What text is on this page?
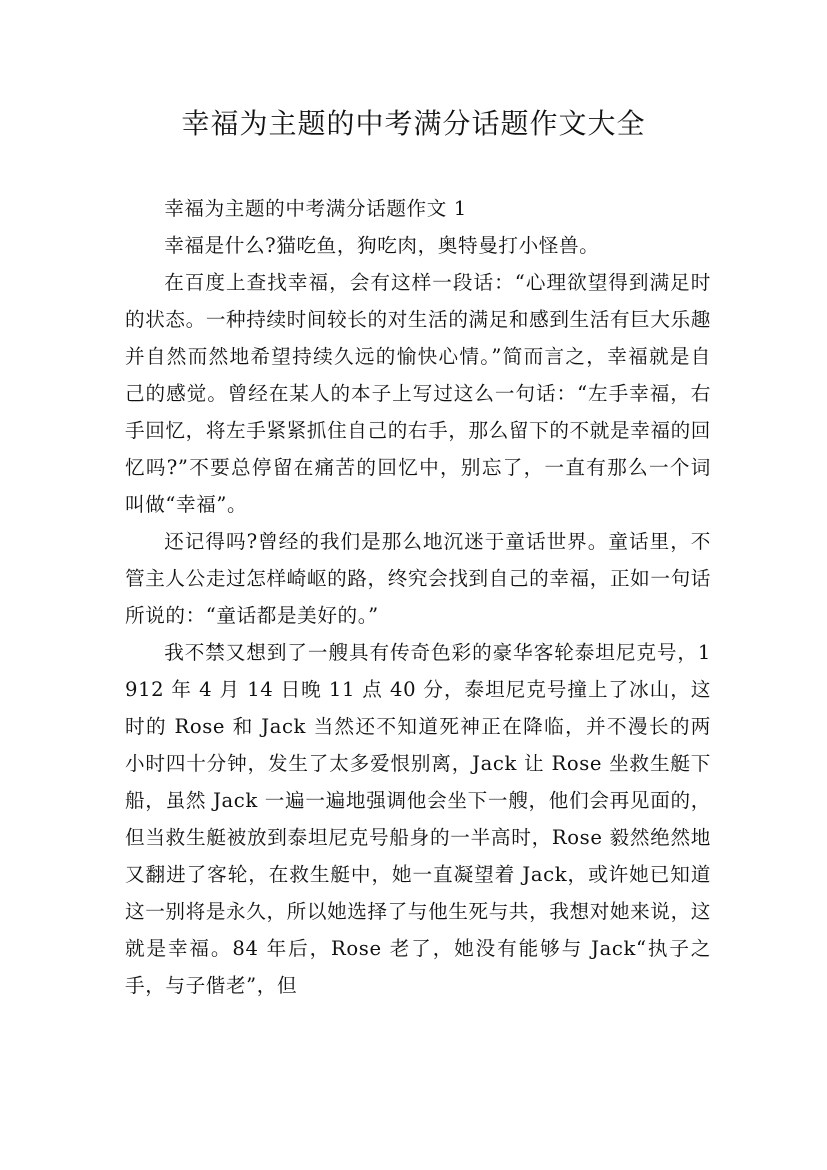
幸福为主题的中考满分话题作文大全

幸福为主题的中考满分话题作文 1

幸福是什么?猫吃鱼，狗吃肉，奥特曼打小怪兽。

在百度上查找幸福，会有这样一段话：“心理欲望得到满足时的状态。一种持续时间较长的对生活的满足和感到生活有巨大乐趣并自然而然地希望持续久远的愉快心情。”简而言之，幸福就是自己的感觉。曾经在某人的本子上写过这么一句话：“左手幸福，右手回忆，将左手紧紧抓住自己的右手，那么留下的不就是幸福的回忆吗?”不要总停留在痛苦的回忆中，别忘了，一直有那么一个词叫做“幸福”。

还记得吗?曾经的我们是那么地沉迷于童话世界。童话里，不管主人公走过怎样崎岖的路，终究会找到自己的幸福，正如一句话所说的：“童话都是美好的。”

我不禁又想到了一艘具有传奇色彩的豪华客轮泰坦尼克号，1912 年 4 月 14 日晚 11 点 40 分，泰坦尼克号撞上了冰山，这时的 Rose 和 Jack 当然还不知道死神正在降临，并不漫长的两小时四十分钟，发生了太多爱恨别离，Jack 让 Rose 坐救生艇下船，虽然 Jack 一遍一遍地强调他会坐下一艘，他们会再见面的，但当救生艇被放到泰坦尼克号船身的一半高时，Rose 毅然绝然地又翻进了客轮，在救生艇中，她一直凝望着 Jack，或许她已知道这一别将是永久，所以她选择了与他生死与共，我想对她来说，这就是幸福。84 年后，Rose 老了，她没有能够与 Jack“执子之手，与子偕老”，但
